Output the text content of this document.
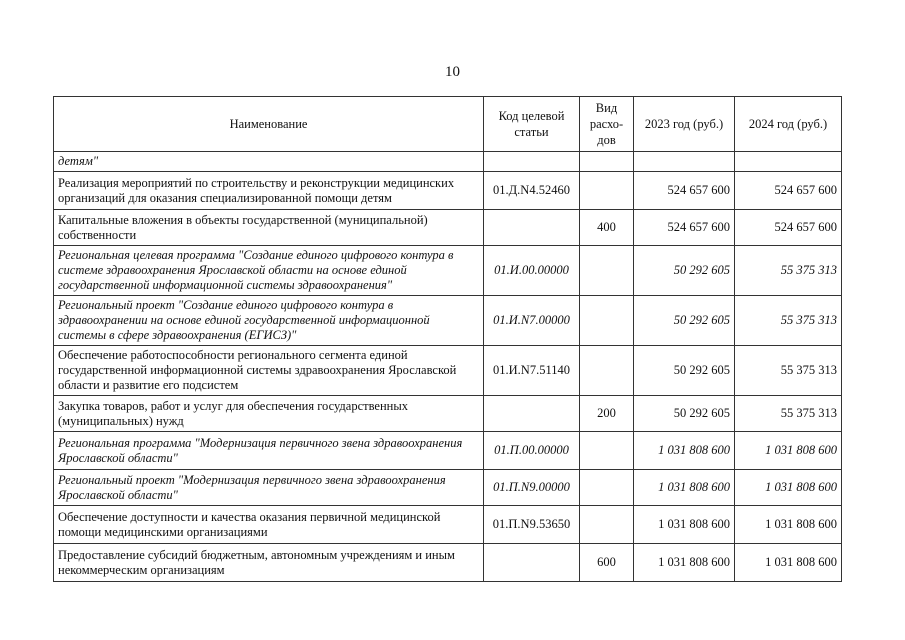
10
Наименование	Код целевой статьи	Вид расхо-дов	2023 год (руб.)	2024 год (руб.)
детям"				
Реализация мероприятий по строительству и реконструкции медицинских организаций для оказания специализированной помощи детям	01.Д.N4.52460		524 657 600	524 657 600
Капитальные вложения в объекты государственной (муниципальной) собственности		400	524 657 600	524 657 600
Региональная целевая программа "Создание единого цифрового контура в системе здравоохранения Ярославской области на основе единой государственной информационной системы здравоохранения"	01.И.00.00000		50 292 605	55 375 313
Региональный проект "Создание единого цифрового контура в здравоохранении на основе единой государственной информационной системы в сфере здравоохранения (ЕГИСЗ)"	01.И.N7.00000		50 292 605	55 375 313
Обеспечение работоспособности регионального сегмента единой государственной информационной системы здравоохранения Ярославской области и развитие его подсистем	01.И.N7.51140		50 292 605	55 375 313
Закупка товаров, работ и услуг для обеспечения государственных (муниципальных) нужд		200	50 292 605	55 375 313
Региональная программа "Модернизация первичного звена здравоохранения Ярославской области"	01.П.00.00000		1 031 808 600	1 031 808 600
Региональный проект "Модернизация первичного звена здравоохранения Ярославской области"	01.П.N9.00000		1 031 808 600	1 031 808 600
Обеспечение доступности и качества оказания первичной медицинской помощи медицинскими организациями	01.П.N9.53650		1 031 808 600	1 031 808 600
Предоставление субсидий бюджетным, автономным учреждениям и иным некоммерческим организациям		600	1 031 808 600	1 031 808 600
